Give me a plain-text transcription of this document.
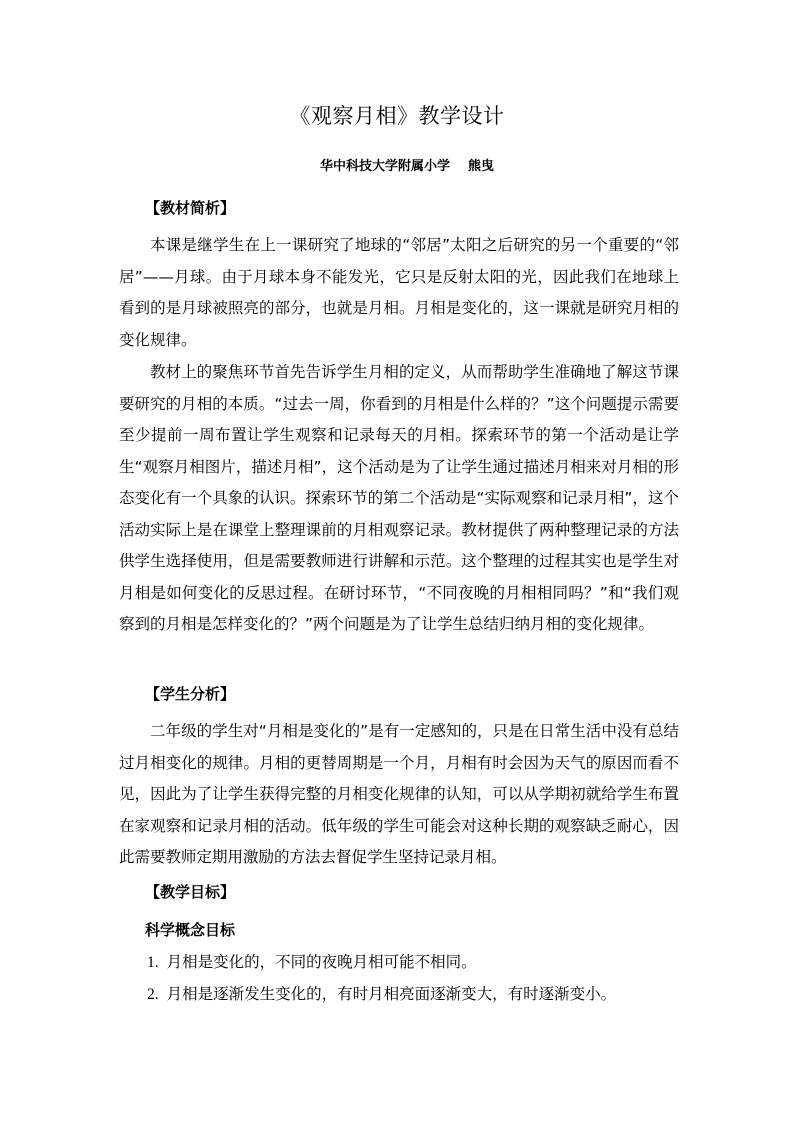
《观察月相》教学设计
华中科技大学附属小学    熊曳
【教材简析】

本课是继学生在上一课研究了地球的“邻居”太阳之后研究的另一个重要的“邻居”——月球。由于月球本身不能发光，它只是反射太阳的光，因此我们在地球上看到的是月球被照亮的部分，也就是月相。月相是变化的，这一课就是研究月相的变化规律。

教材上的聚焦环节首先告诉学生月相的定义，从而帮助学生准确地了解这节课要研究的月相的本质。“过去一周，你看到的月相是什么样的？”这个问题提示需要至少提前一周布置让学生观察和记录每天的月相。探索环节的第一个活动是让学生“观察月相图片，描述月相”，这个活动是为了让学生通过描述月相来对月相的形态变化有一个具象的认识。探索环节的第二个活动是“实际观察和记录月相”，这个活动实际上是在课堂上整理课前的月相观察记录。教材提供了两种整理记录的方法供学生选择使用，但是需要教师进行讲解和示范。这个整理的过程其实也是学生对月相是如何变化的反思过程。在研讨环节，“不同夜晚的月相相同吗？”和“我们观察到的月相是怎样变化的？”两个问题是为了让学生总结归纳月相的变化规律。

【学生分析】

二年级的学生对“月相是变化的”是有一定感知的，只是在日常生活中没有总结过月相变化的规律。月相的更替周期是一个月，月相有时会因为天气的原因而看不见，因此为了让学生获得完整的月相变化规律的认知，可以从学期初就给学生布置在家观察和记录月相的活动。低年级的学生可能会对这种长期的观察缺乏耐心，因此需要教师定期用激励的方法去督促学生坚持记录月相。

【教学目标】
科学概念目标
1. 月相是变化的，不同的夜晚月相可能不相同。
2. 月相是逐渐发生变化的，有时月相亮面逐渐变大，有时逐渐变小。
